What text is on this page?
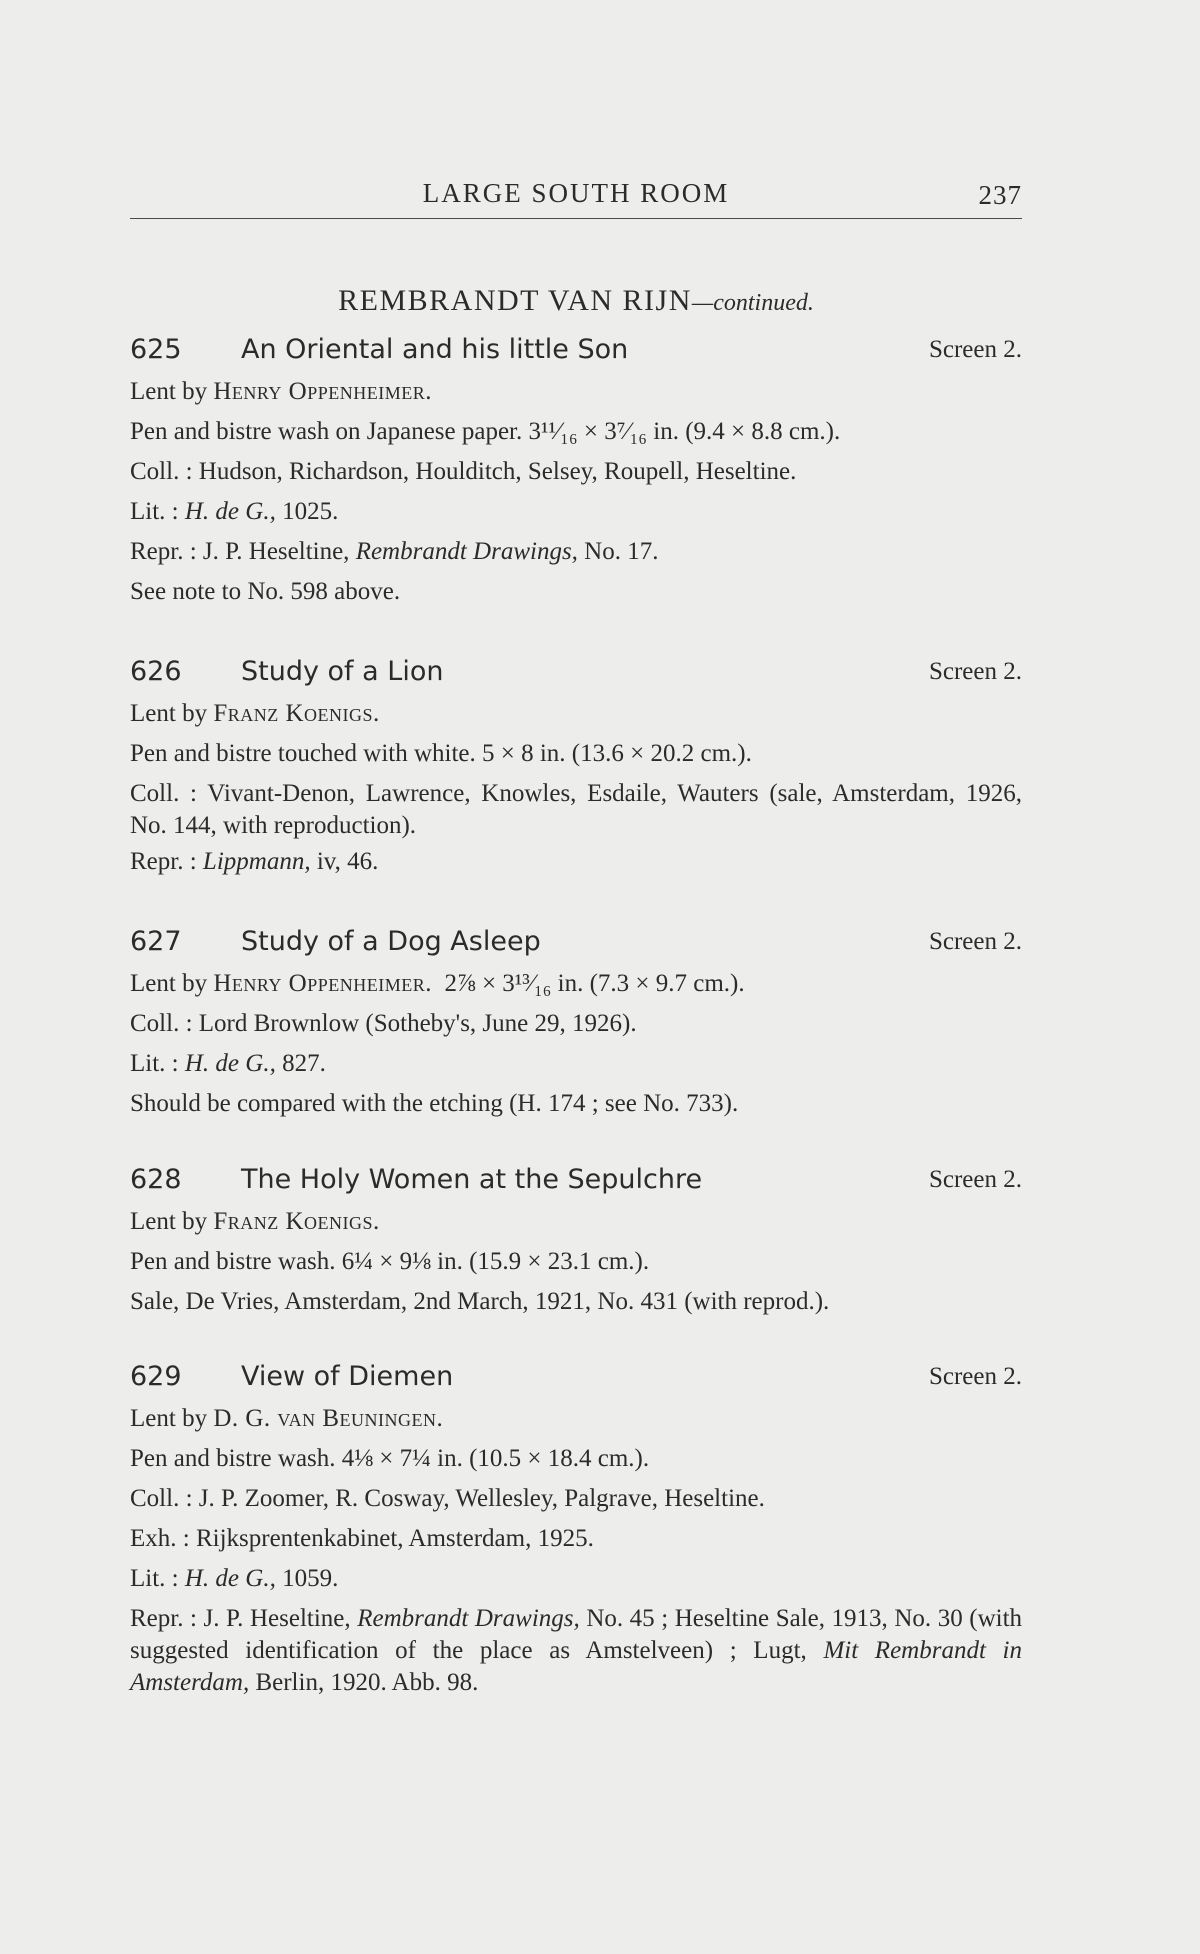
LARGE SOUTH ROOM	237
REMBRANDT VAN RIJN—continued.
625 An Oriental and his little Son	Screen 2.
Lent by Henry Oppenheimer.
Pen and bistre wash on Japanese paper. 3¹¹⁄₁₆ × 3⁷⁄₁₆ in. (9.4 × 8.8 cm.).
Coll. : Hudson, Richardson, Houlditch, Selsey, Roupell, Heseltine.
Lit. : H. de G., 1025.
Repr. : J. P. Heseltine, Rembrandt Drawings, No. 17.
See note to No. 598 above.
626 Study of a Lion	Screen 2.
Lent by Franz Koenigs.
Pen and bistre touched with white. 5 × 8 in. (13.6 × 20.2 cm.).
Coll. : Vivant-Denon, Lawrence, Knowles, Esdaile, Wauters (sale, Amsterdam, 1926, No. 144, with reproduction).
Repr. : Lippmann, iv, 46.
627 Study of a Dog Asleep	Screen 2.
Lent by Henry Oppenheimer. 2⅞ × 3¹³⁄₁₆ in. (7.3 × 9.7 cm.).
Coll. : Lord Brownlow (Sotheby's, June 29, 1926).
Lit. : H. de G., 827.
Should be compared with the etching (H. 174 ; see No. 733).
628 The Holy Women at the Sepulchre	Screen 2.
Lent by Franz Koenigs.
Pen and bistre wash. 6¼ × 9⅛ in. (15.9 × 23.1 cm.).
Sale, De Vries, Amsterdam, 2nd March, 1921, No. 431 (with reprod.).
629 View of Diemen	Screen 2.
Lent by D. G. van Beuningen.
Pen and bistre wash. 4⅛ × 7¼ in. (10.5 × 18.4 cm.).
Coll. : J. P. Zoomer, R. Cosway, Wellesley, Palgrave, Heseltine.
Exh. : Rijksprentenkabinet, Amsterdam, 1925.
Lit. : H. de G., 1059.
Repr. : J. P. Heseltine, Rembrandt Drawings, No. 45 ; Heseltine Sale, 1913, No. 30 (with suggested identification of the place as Amstelveen) ; Lugt, Mit Rembrandt in Amsterdam, Berlin, 1920. Abb. 98.
